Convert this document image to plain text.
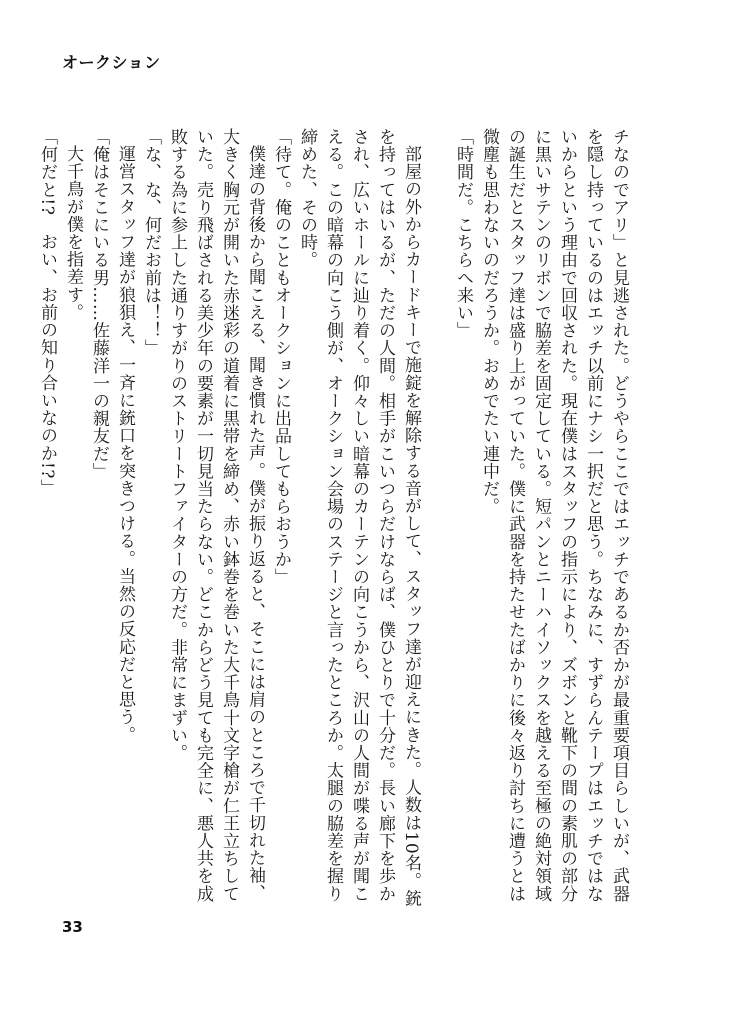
オークション

チなのでアリ」と見逃された。どうやらここではエッチであるか否かが最重要項目らしいが、武器を隠し持っているのはエッチ以前にナシ一択だと思う。ちなみに、すずらんテープはエッチではないからという理由で回収された。現在僕はスタッフの指示により、ズボンと靴下の間の素肌の部分に黒いサテンのリボンで脇差を固定している。短パンとニーハイソックスを越える至極の絶対領域の誕生だとスタッフ達は盛り上がっていた。僕に武器を持たせたばかりに後々返り討ちに遭うとは微塵も思わないのだろうか。おめでたい連中だ。

「時間だ。こちらへ来い」

部屋の外からカードキーで施錠を解除する音がして、スタッフ達が迎えにきた。人数は10名。銃を持ってはいるが、ただの人間。相手がこいつらだけならば、僕ひとりで十分だ。長い廊下を歩かされ、広いホールに辿り着く。仰々しい暗幕のカーテンの向こうから、沢山の人間が喋る声が聞こえる。この暗幕の向こう側が、オークション会場のステージと言ったところか。太腿の脇差を握り締めた、その時。

「待て。俺のこともオークションに出品してもらおうか」

僕達の背後から聞こえる、聞き慣れた声。僕が振り返ると、そこには肩のところで千切れた袖、大きく胸元が開いた赤迷彩の道着に黒帯を締め、赤い鉢巻を巻いた大千鳥十文字槍が仁王立ちしていた。売り飛ばされる美少年の要素が一切見当たらない。どこからどう見ても完全に、悪人共を成敗する為に参上した通りすがりのストリートファイターの方だ。非常にまずい。

「な、な、何だお前は！！」

運営スタッフ達が狼狽え、一斉に銃口を突きつける。当然の反応だと思う。

「俺はそこにいる男……佐藤洋一の親友だ」

大千鳥が僕を指差す。

「何だと!?　おい、お前の知り合いなのか!?」

33
